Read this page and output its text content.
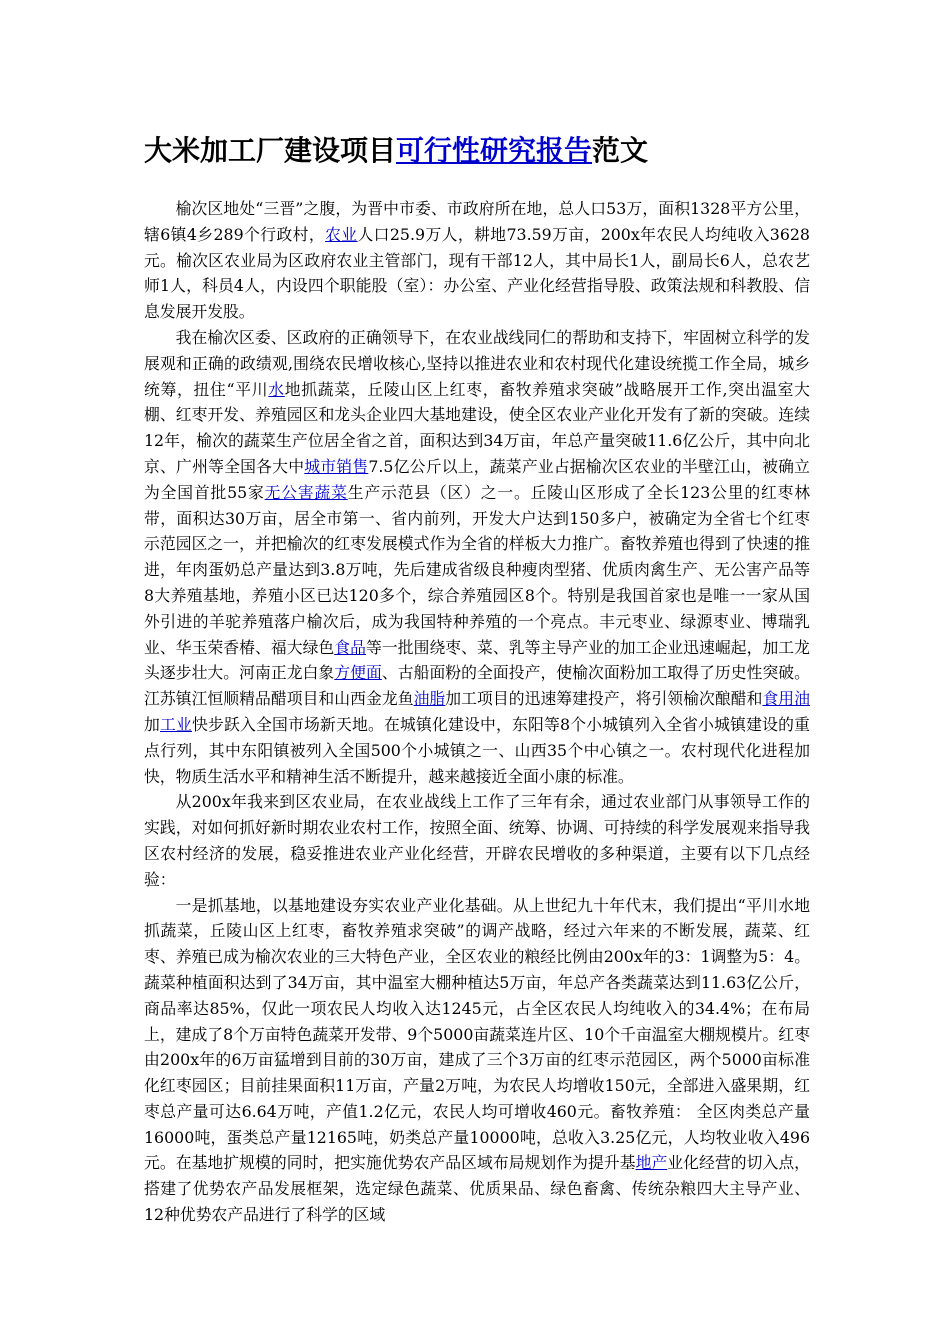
大米加工厂建设项目可行性研究报告范文

榆次区地处“三晋”之腹，为晋中市委、市政府所在地，总人口53万，面积1328平方公里，辖6镇4乡289个行政村，农业人口25.9万人，耕地73.59万亩，200x年农民人均纯收入3628元。榆次区农业局为区政府农业主管部门，现有干部12人，其中局长1人，副局长6人，总农艺师1人，科员4人，内设四个职能股（室）：办公室、产业化经营指导股、政策法规和科教股、信息发展开发股。

我在榆次区委、区政府的正确领导下，在农业战线同仁的帮助和支持下，牢固树立科学的发展观和正确的政绩观,围绕农民增收核心,坚持以推进农业和农村现代化建设统揽工作全局，城乡统筹，扭住“平川水地抓蔬菜，丘陵山区上红枣，畜牧养殖求突破”战略展开工作,突出温室大棚、红枣开发、养殖园区和龙头企业四大基地建设，使全区农业产业化开发有了新的突破。连续12年，榆次的蔬菜生产位居全省之首，面积达到34万亩，年总产量突破11.6亿公斤，其中向北京、广州等全国各大中城市销售7.5亿公斤以上，蔬菜产业占据榆次区农业的半壁江山，被确立为全国首批55家无公害蔬菜生产示范县（区）之一。丘陵山区形成了全长123公里的红枣林带，面积达30万亩，居全市第一、省内前列，开发大户达到150多户，被确定为全省七个红枣示范园区之一，并把榆次的红枣发展模式作为全省的样板大力推广。畜牧养殖也得到了快速的推进，年肉蛋奶总产量达到3.8万吨，先后建成省级良种瘦肉型猪、优质肉禽生产、无公害产品等8大养殖基地，养殖小区已达120多个，综合养殖园区8个。特别是我国首家也是唯一一家从国外引进的羊驼养殖落户榆次后，成为我国特种养殖的一个亮点。丰元枣业、绿源枣业、博瑞乳业、华玉荣香椿、福大绿色食品等一批围绕枣、菜、乳等主导产业的加工企业迅速崛起，加工龙头逐步壮大。河南正龙白象方便面、古船面粉的全面投产，使榆次面粉加工取得了历史性突破。江苏镇江恒顺精品醋项目和山西金龙鱼油脂加工项目的迅速筹建投产，将引领榆次酿醋和食用油加工业快步跃入全国市场新天地。在城镇化建设中，东阳等8个小城镇列入全省小城镇建设的重点行列，其中东阳镇被列入全国500个小城镇之一、山西35个中心镇之一。农村现代化进程加快，物质生活水平和精神生活不断提升，越来越接近全面小康的标准。

从200x年我来到区农业局，在农业战线上工作了三年有余，通过农业部门从事领导工作的实践，对如何抓好新时期农业农村工作，按照全面、统筹、协调、可持续的科学发展观来指导我区农村经济的发展，稳妥推进农业产业化经营，开辟农民增收的多种渠道，主要有以下几点经验：

一是抓基地，以基地建设夯实农业产业化基础。从上世纪九十年代末，我们提出“平川水地抓蔬菜，丘陵山区上红枣，畜牧养殖求突破”的调产战略，经过六年来的不断发展，蔬菜、红枣、养殖已成为榆次农业的三大特色产业，全区农业的粮经比例由200x年的3：1调整为5：4。蔬菜种植面积达到了34万亩，其中温室大棚种植达5万亩，年总产各类蔬菜达到11.63亿公斤，商品率达85%，仅此一项农民人均收入达1245元，占全区农民人均纯收入的34.4%；在布局上，建成了8个万亩特色蔬菜开发带、9个5000亩蔬菜连片区、10个千亩温室大棚规模片。红枣由200x年的6万亩猛增到目前的30万亩，建成了三个3万亩的红枣示范园区，两个5000亩标准化红枣园区；目前挂果面积11万亩，产量2万吨，为农民人均增收150元，全部进入盛果期，红枣总产量可达6.64万吨，产值1.2亿元，农民人均可增收460元。畜牧养殖： 全区肉类总产量16000吨，蛋类总产量12165吨，奶类总产量10000吨，总收入3.25亿元，人均牧业收入496元。在基地扩规模的同时，把实施优势农产品区域布局规划作为提升基地产业化经营的切入点，搭建了优势农产品发展框架，选定绿色蔬菜、优质果品、绿色畜禽、传统杂粮四大主导产业、12种优势农产品进行了科学的区域
